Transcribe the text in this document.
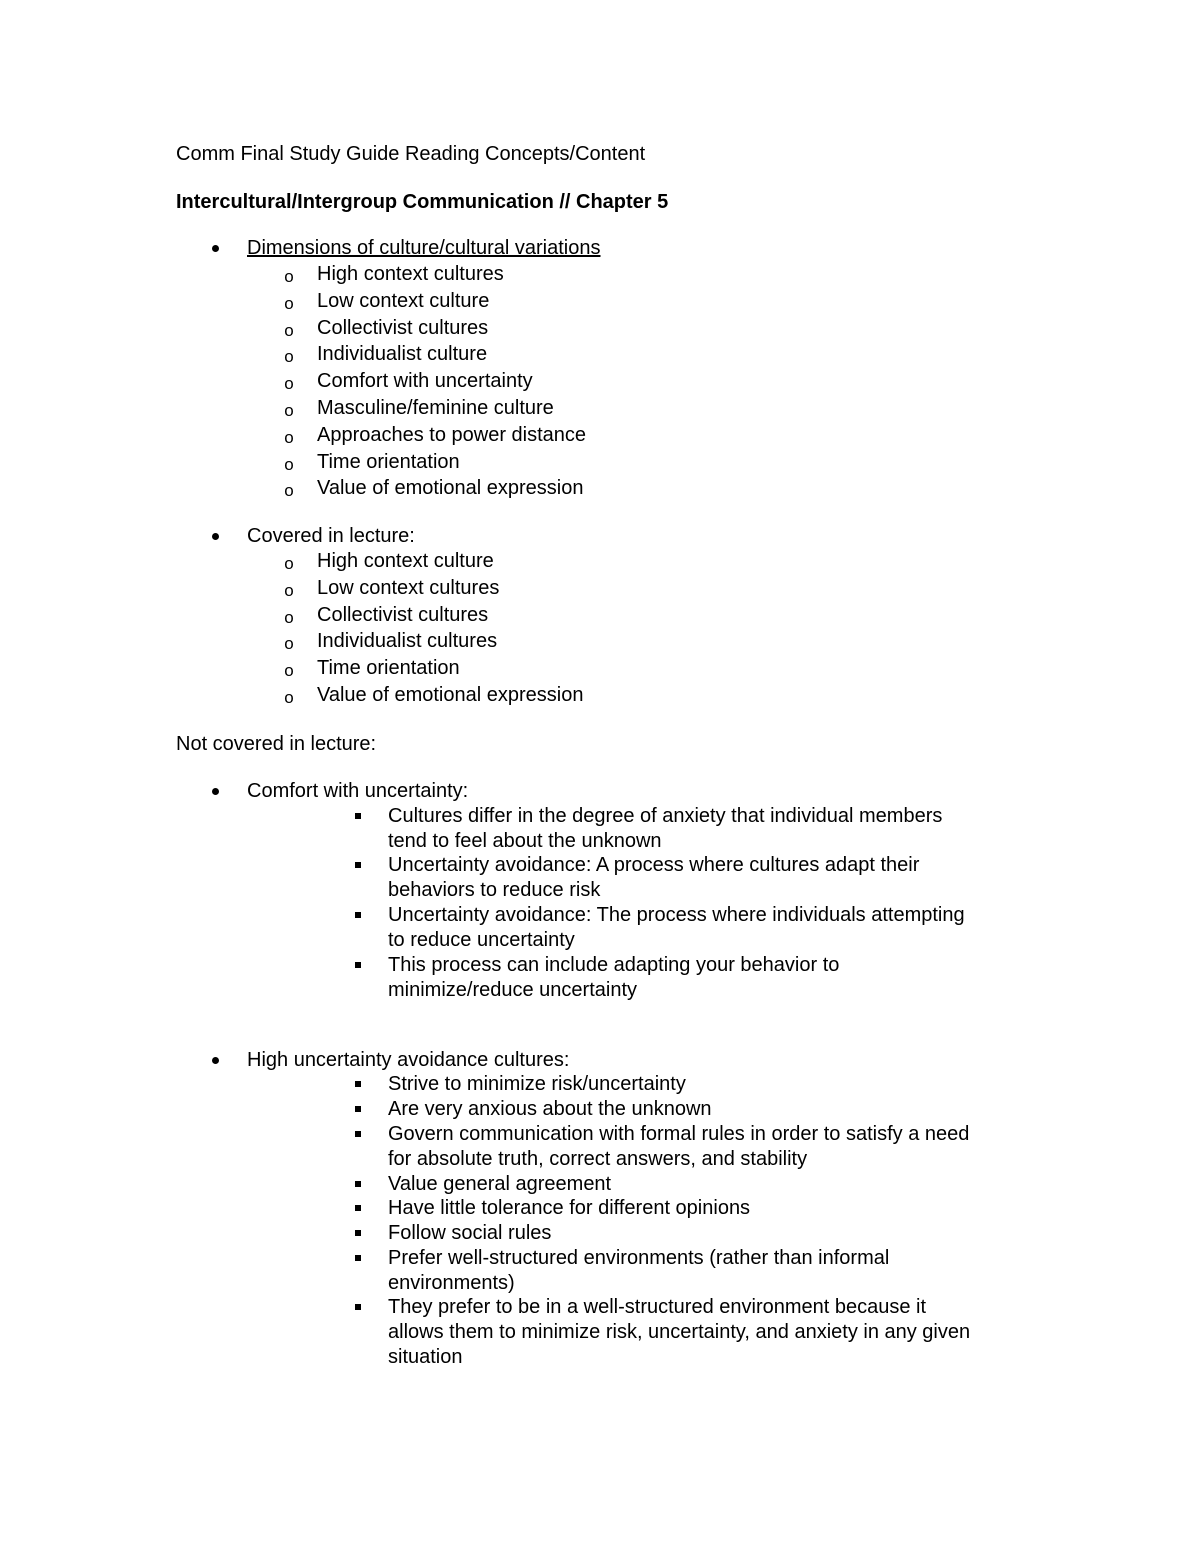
Comm Final Study Guide Reading Concepts/Content
Intercultural/Intergroup Communication // Chapter 5
Dimensions of culture/cultural variations
o High context cultures
o Low context culture
o Collectivist cultures
o Individualist culture
o Comfort with uncertainty
o Masculine/feminine culture
o Approaches to power distance
o Time orientation
o Value of emotional expression
Covered in lecture:
o High context culture
o Low context cultures
o Collectivist cultures
o Individualist cultures
o Time orientation
o Value of emotional expression
Not covered in lecture:
Comfort with uncertainty:
Cultures differ in the degree of anxiety that individual members
tend to feel about the unknown
Uncertainty avoidance: A process where cultures adapt their
behaviors to reduce risk
Uncertainty avoidance: The process where individuals attempting
to reduce uncertainty
This process can include adapting your behavior to
minimize/reduce uncertainty
High uncertainty avoidance cultures:
Strive to minimize risk/uncertainty
Are very anxious about the unknown
Govern communication with formal rules in order to satisfy a need
for absolute truth, correct answers, and stability
Value general agreement
Have little tolerance for different opinions
Follow social rules
Prefer well-structured environments (rather than informal
environments)
They prefer to be in a well-structured environment because it
allows them to minimize risk, uncertainty, and anxiety in any given
situation
